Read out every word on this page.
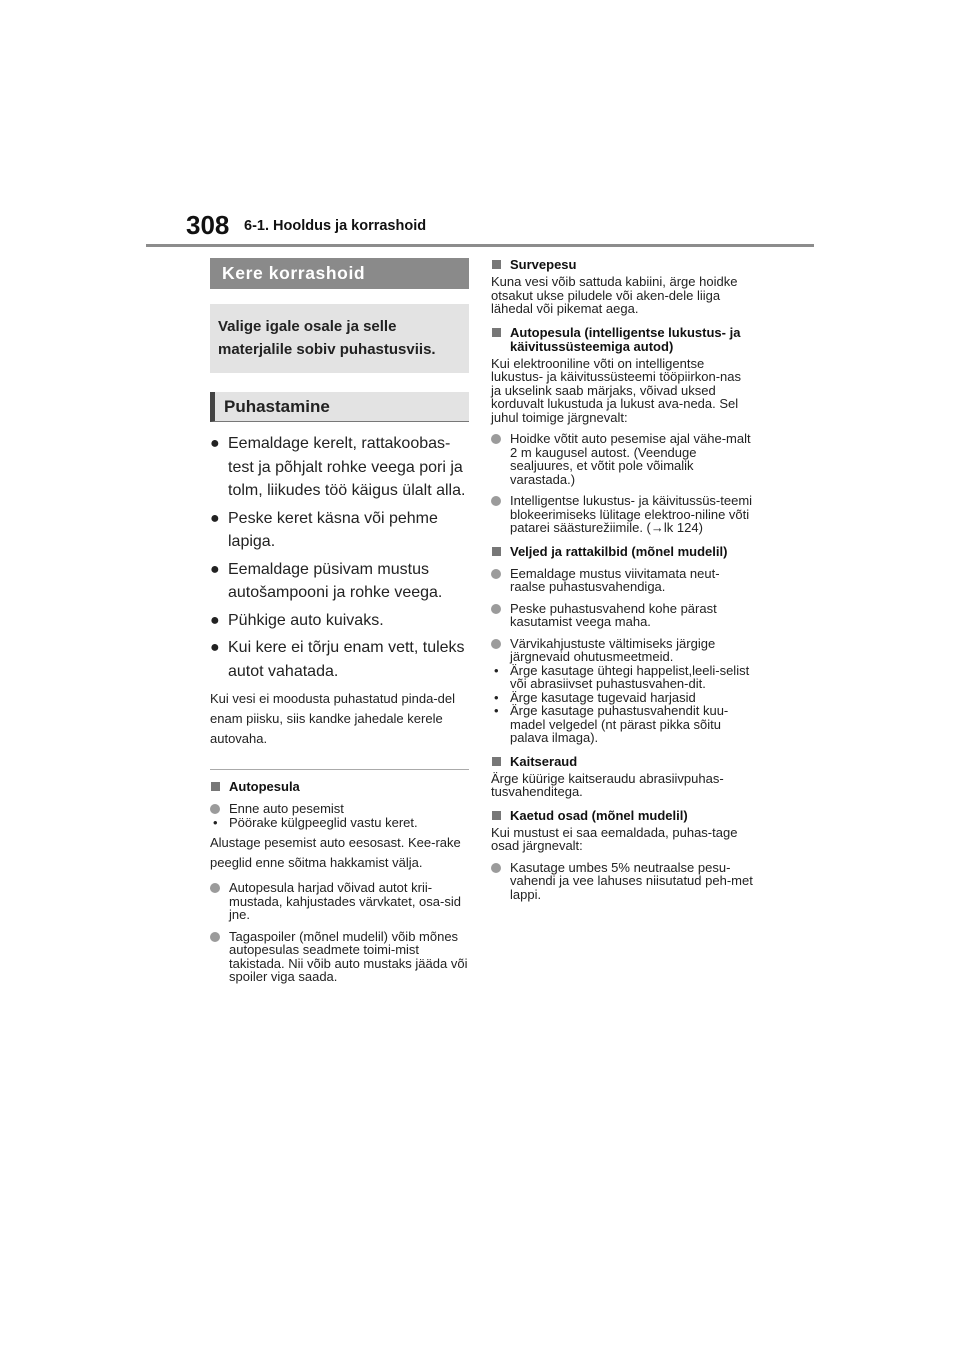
308 6-1. Hooldus ja korrashoid
Kere korrashoid
Valige igale osale ja selle materjalile sobiv puhastusviis.
Puhastamine
● Eemaldage kerelt, rattakoobas-test ja põhjalt rohke veega pori ja tolm, liikudes töö käigus ülalt alla.
● Peske keret käsna või pehme lapiga.
● Eemaldage püsivam mustus autošampooni ja rohke veega.
● Pühkige auto kuivaks.
● Kui kere ei tõrju enam vett, tuleks autot vahatada.
Kui vesi ei moodusta puhastatud pinda-del enam piisku, siis kandke jahedale kerele autovaha.
Autopesula
Enne auto pesemist
• Pöörake külgpeeglid vastu keret.
Alustage pesemist auto eesosast. Kee-rake peeglid enne sõitma hakkamist välja.
Autopesula harjad võivad autot krii-mustada, kahjustades värvkatet, osa-sid jne.
Tagaspoiler (mõnel mudelil) võib mõnes autopesulas seadmete toimi-mist takistada. Nii võib auto mustaks jääda või spoiler viga saada.
Survepesu
Kuna vesi võib sattuda kabiini, ärge hoidke otsakut ukse piludele või aken-dele liiga lähedal või pikemat aega.
Autopesula (intelligentse lukustus- ja käivitussüsteemiga autod)
Kui elektrooniline võti on intelligentse lukustus- ja käivitussüsteemi tööpiirkon-nas ja ukselink saab märjaks, võivad uksed korduvalt lukustuda ja lukust ava-neda. Sel juhul toimige järgnevalt:
Hoidke võtit auto pesemise ajal vähe-malt 2 m kaugusel autost. (Veenduge sealjuures, et võtit pole võimalik varastada.)
Intelligentse lukustus- ja käivitussüs-teemi blokeerimiseks lülitage elektroo-niline võti patarei säästurežiimile. (→lk 124)
Veljed ja rattakilbid (mõnel mudelil)
Eemaldage mustus viivitamata neut-raalse puhastusvahendiga.
Peske puhastusvahend kohe pärast kasutamist veega maha.
Värvikahjustuste vältimiseks järgige järgnevaid ohutusmeetmeid.
• Ärge kasutage ühtegi happelist,leeli-selist või abrasiivset puhastusvahen-dit.
• Ärge kasutage tugevaid harjasid
• Ärge kasutage puhastusvahendit kuu-madel velgedel (nt pärast pikka sõitu palava ilmaga).
Kaitseraud
Ärge küürige kaitseraudu abrasiivpuhas-tusvahenditega.
Kaetud osad (mõnel mudelil)
Kui mustust ei saa eemaldada, puhas-tage osad järgnevalt:
Kasutage umbes 5% neutraalse pesu-vahendi ja vee lahuses niisutatud peh-met lappi.
